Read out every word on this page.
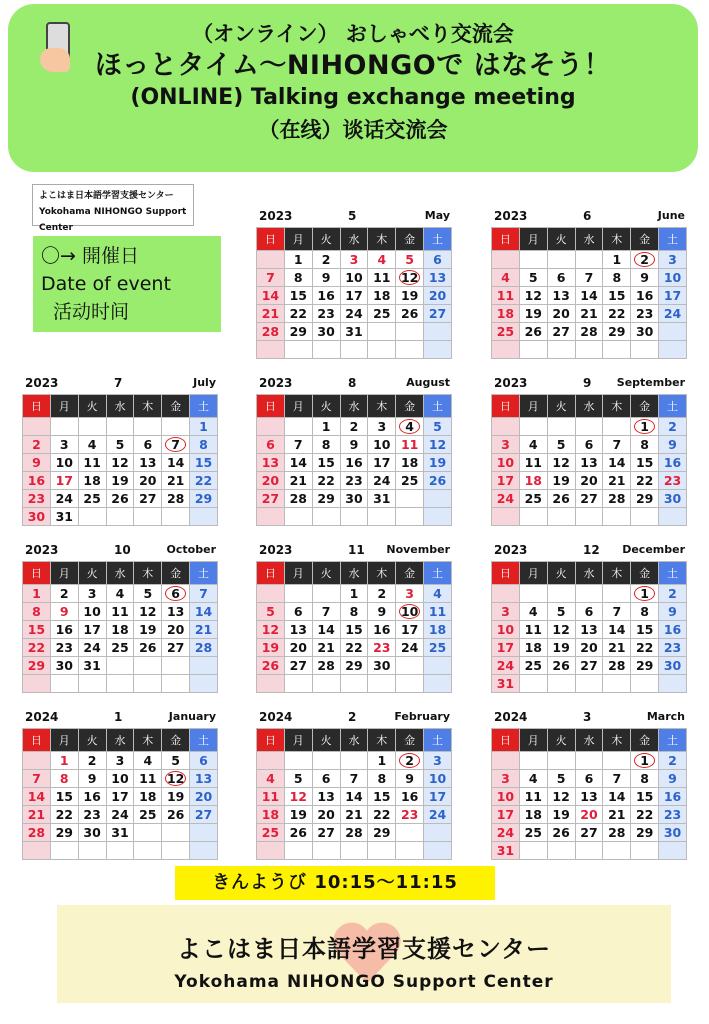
（オンライン） おしゃべり交流会
ほっとタイム～NIHONGOで はなそう！
(ONLINE) Talking exchange meeting
（在线）谈话交流会
よこはま日本語学習支援センター
Yokohama NIHONGO Support Center
〇→ 開催日
Date of event
活动时间
2023	5	May
日	月	火	水	木	金	土
	1	2	3	4	5	6
7	8	9	10	11	12	13
14	15	16	17	18	19	20
21	22	23	24	25	26	27
28	29	30	31			

2023	6	June
日	月	火	水	木	金	土
				1	2	3
4	5	6	7	8	9	10
11	12	13	14	15	16	17
18	19	20	21	22	23	24
25	26	27	28	29	30	

2023	7	July
日	月	火	水	木	金	土
						1
2	3	4	5	6	7	8
9	10	11	12	13	14	15
16	17	18	19	20	21	22
23	24	25	26	27	28	29
30	31					
2023	8	August
日	月	火	水	木	金	土
		1	2	3	4	5
6	7	8	9	10	11	12
13	14	15	16	17	18	19
20	21	22	23	24	25	26
27	28	29	30	31		

2023	9 September
日	月	火	水	木	金	土
					1	2
3	4	5	6	7	8	9
10	11	12	13	14	15	16
17	18	19	20	21	22	23
24	25	26	27	28	29	30

2023	10	October
日	月	火	水	木	金	土
1	2	3	4	5	6	7
8	9	10	11	12	13	14
15	16	17	18	19	20	21
22	23	24	25	26	27	28
29	30	31				

2023	11 November
日	月	火	水	木	金	土
			1	2	3	4
5	6	7	8	9	10	11
12	13	14	15	16	17	18
19	20	21	22	23	24	25
26	27	28	29	30		

2023	12 December
日	月	火	水	木	金	土
					1	2
3	4	5	6	7	8	9
10	11	12	13	14	15	16
17	18	19	20	21	22	23
24	25	26	27	28	29	30
31						
2024	1	January
日	月	火	水	木	金	土
	1	2	3	4	5	6
7	8	9	10	11	12	13
14	15	16	17	18	19	20
21	22	23	24	25	26	27
28	29	30	31			

2024	2	February
日	月	火	水	木	金	土
				1	2	3
4	5	6	7	8	9	10
11	12	13	14	15	16	17
18	19	20	21	22	23	24
25	26	27	28	29		

2024	3	March
日	月	火	水	木	金	土
					1	2
3	4	5	6	7	8	9
10	11	12	13	14	15	16
17	18	19	20	21	22	23
24	25	26	27	28	29	30
31						
きんようび 10:15～11:15
よこはま日本語学習支援センター
Yokohama NIHONGO Support Center
